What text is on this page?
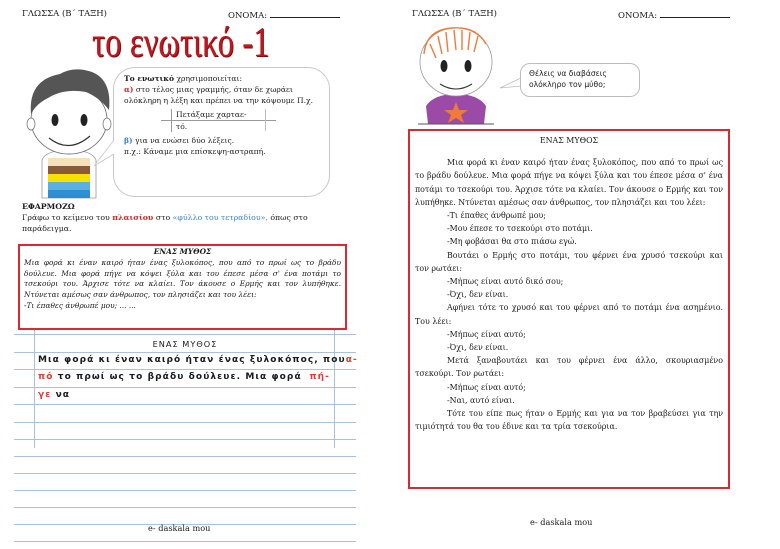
ΓΛΩΣΣΑ (Β΄ ΤΑΞΗ)	ΟΝΟΜΑ:
το ενωτικό -1
Το ενωτικό χρησιμοποιείται:
α) στο τέλος μιας γραμμής, όταν δε χωράει ολόκληρη η λέξη και πρέπει να την κόψουμε Π.χ.
Πετάξαμε χαρταε-
τό.
β) για να ενώσει δύο λέξεις.
π.χ.: Κάναμε μια επίσκεψη-αστραπή.
ΕΦΑΡΜΟΖΩ
Γράφω το κείμενο του πλαισίου στο «φύλλο του τετραδίου», όπως στο παράδειγμα.
ΕΝΑΣ ΜΥΘΟΣ
Μια φορά κι έναν καιρό ήταν ένας ξυλοκόπος, που από το πρωί ως το βράδυ δούλευε. Μια φορά πήγε να κόψει ξύλα και του έπεσε μέσα σ' ένα ποτάμι το τσεκούρι του. Άρχισε τότε να κλαίει. Τον άκουσε ο Ερμής και τον λυπήθηκε. Ντύνεται αμέσως σαν άνθρωπος, τον πλησιάζει και του λέει:
-Τι έπαθες άνθρωπέ μου; ... ...
ΕΝΑΣ ΜΥΘΟΣ
Μια φορά κι έναν καιρό ήταν ένας ξυλοκόπος, που α-
πό το πρωί ως το βράδυ δούλευε. Μια φορά πή-
γε να
e- daskala mou
ΓΛΩΣΣΑ (Β΄ ΤΑΞΗ)	ΟΝΟΜΑ:
Θέλεις να διαβάσεις
ολόκληρο τον μύθο;
ΕΝΑΣ ΜΥΘΟΣ

Μια φορά κι έναν καιρό ήταν ένας ξυλοκόπος, που από το πρωί ως το βράδυ δούλευε. Μια φορά πήγε να κόψει ξύλα και του έπεσε μέσα σ' ένα ποτάμι το τσεκούρι του. Άρχισε τότε να κλαίει. Τον άκουσε ο Ερμής και τον λυπήθηκε. Ντύνεται αμέσως σαν άνθρωπος, τον πλησιάζει και του λέει:

-Τι έπαθες άνθρωπέ μου;

-Μου έπεσε το τσεκούρι στο ποτάμι.

-Μη φοβάσαι θα στο πιάσω εγώ.

Βουτάει ο Ερμής στο ποτάμι, του φέρνει ένα χρυσό τσεκούρι και τον ρωτάει:

-Μήπως είναι αυτό δικό σου;

-Όχι, δεν είναι.

Αφήνει τότε το χρυσό και του φέρνει από το ποτάμι ένα ασημένιο. Του λέει:

-Μήπως είναι αυτό;

-Όχι, δεν είναι.

Μετά ξαναβουτάει και του φέρνει ένα άλλο, σκουριασμένο τσεκούρι. Τον ρωτάει:

-Μήπως είναι αυτό;

-Ναι, αυτό είναι.

Τότε του είπε πως ήταν ο Ερμής και για να τον βραβεύσει για την τιμιότητά του θα του έδινε και τα τρία τσεκούρια.

e- daskala mou
